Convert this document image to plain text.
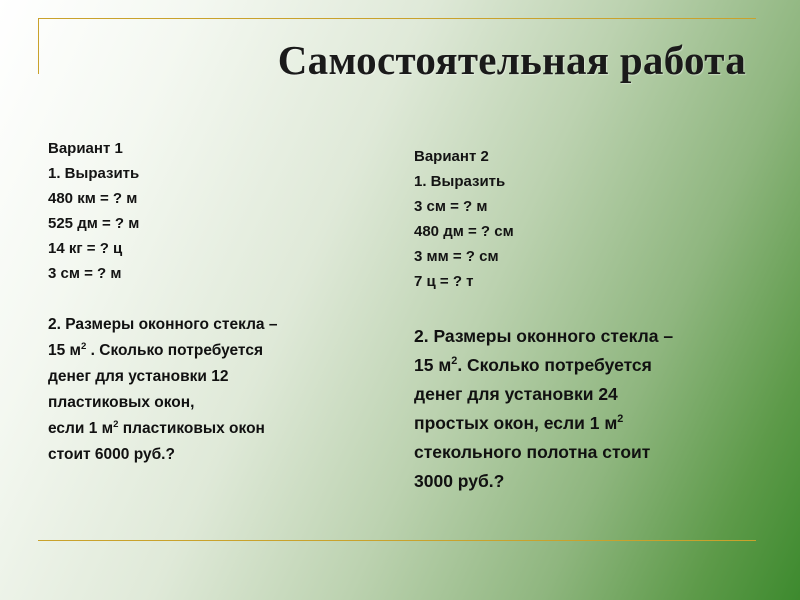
Самостоятельная работа
Вариант 1
1. Выразить
480 км = ? м
525 дм = ? м
14 кг = ? ц
3 см = ? м
2. Размеры оконного стекла –
15 $м^2$ . Сколько потребуется
денег для установки 12
пластиковых окон,
если 1 $м^2$ пластиковых окон
стоит 6000 руб.?
Вариант 2
1. Выразить
3 см = ? м
480 дм = ? см
3 мм = ? см
7 ц = ? т
2. Размеры оконного стекла –
15 $м^2$. Сколько потребуется
денег для установки 24
простых окон, если 1 $м^2$
стекольного полотна стоит
3000 руб.?
